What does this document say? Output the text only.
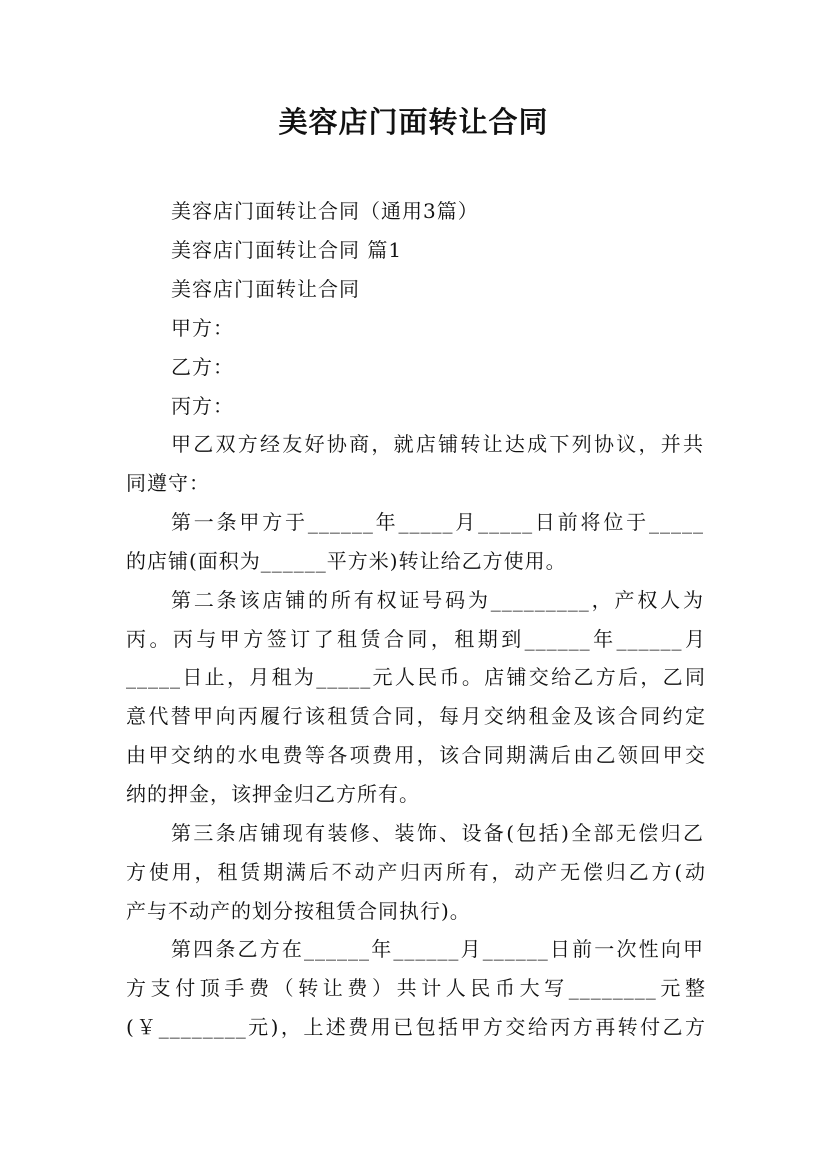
美容店门面转让合同
美容店门面转让合同（通用3篇）
美容店门面转让合同 篇1
美容店门面转让合同
甲方：
乙方：
丙方：
甲乙双方经友好协商，就店铺转让达成下列协议，并共
同遵守：
第一条甲方于______年_____月_____日前将位于_____
的店铺(面积为______平方米)转让给乙方使用。
第二条该店铺的所有权证号码为_________，产权人为
丙。丙与甲方签订了租赁合同，租期到______年______月
_____日止，月租为_____元人民币。店铺交给乙方后，乙同
意代替甲向丙履行该租赁合同，每月交纳租金及该合同约定
由甲交纳的水电费等各项费用，该合同期满后由乙领回甲交
纳的押金，该押金归乙方所有。
第三条店铺现有装修、装饰、设备(包括)全部无偿归乙
方使用，租赁期满后不动产归丙所有，动产无偿归乙方(动
产与不动产的划分按租赁合同执行)。
第四条乙方在______年______月______日前一次性向甲
方支付顶手费（转让费）共计人民币大写________元整
(￥________元)，上述费用已包括甲方交给丙方再转付乙方
